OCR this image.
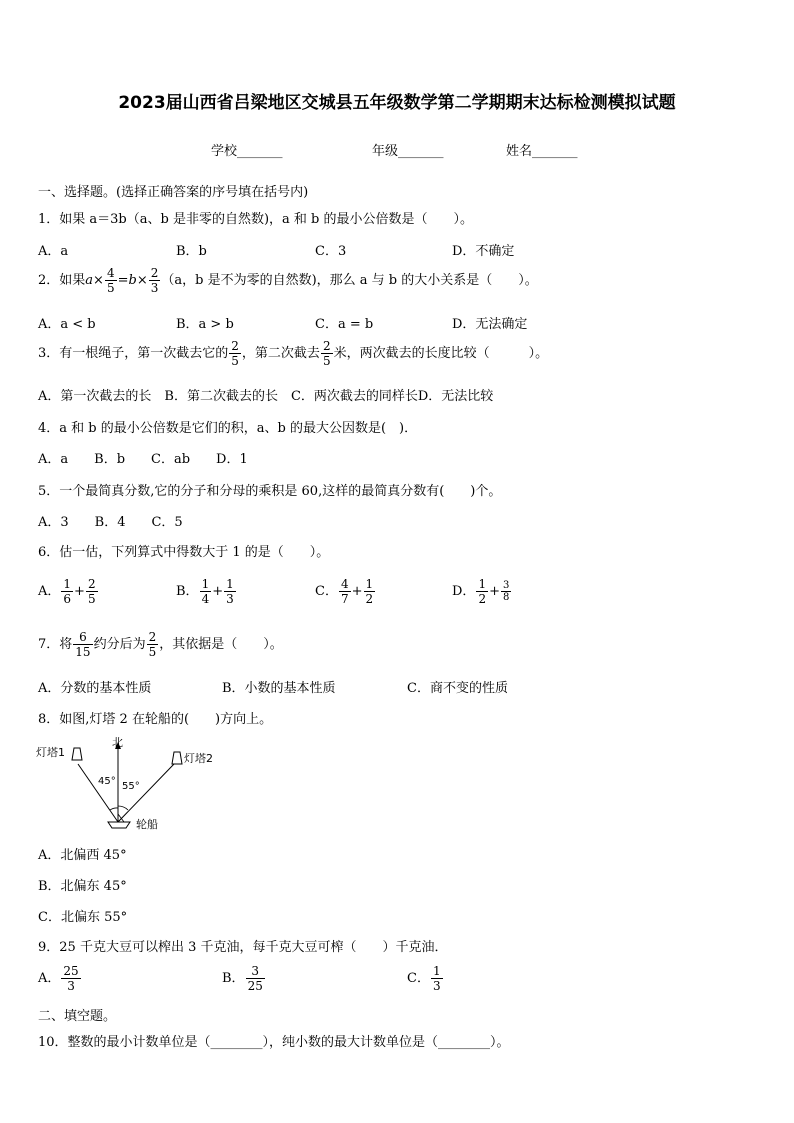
2023届山西省吕梁地区交城县五年级数学第二学期期末达标检测模拟试题
学校_______	年级_______	姓名_______
一、选择题。(选择正确答案的序号填在括号内)
1．如果 a＝3b（a、b 是非零的自然数)，a 和 b 的最小公倍数是（　　）。
A．a	B．b	C．3	D．不确定
2．如果$a\times \frac{4}{5} =b\times \frac{2}{3} (a$，b 是不为零的自然数)，那么 a 与 b 的大小关系是（　　）。
A．a < b	B．a > b	C．a = b	D．无法确定
3．有一根绳子，第一次截去它的 $\frac{2}{5}$ ，第二次截去 $\frac{2}{5}$ 米，两次截去的长度比较（　　　）。
A．第一次截去的长　B．第二次截去的长　C．两次截去的同样长D．无法比较
4．a 和 b 的最小公倍数是它们的积，a、b 的最大公因数是(　)．
A．a　　B．b　　C．ab　　D．1
5．一个最简真分数,它的分子和分母的乘积是 60,这样的最简真分数有(　　)个。
A．3　　B．4　　C．5
6．估一估，下列算式中得数大于 1 的是（　　）。
A． $\frac{1}{6} + \frac{2}{5}$	B． $\frac{1}{4} + \frac{1}{3}$	C． $\frac{4}{7} + \frac{1}{2}$	D． $\frac{1}{2} + \frac{3}{8}$
7．将 $\frac{6}{15}$ 约分后为 $\frac{2}{5}$ ，其依据是（　　）。
A．分数的基本性质	B．小数的基本性质	C．商不变的性质
8．如图,灯塔 2 在轮船的(　　)方向上。
北
灯塔1	灯塔2
45° 55°
轮船
A．北偏西 45°
B．北偏东 45°
C．北偏东 55°
9．25 千克大豆可以榨出 3 千克油，每千克大豆可榨（　　）千克油．
A． $\frac{25}{3}$	B． $\frac{3}{25}$	C． $\frac{1}{3}$
二、填空题。
10．整数的最小计数单位是（________），纯小数的最大计数单位是（________）。
